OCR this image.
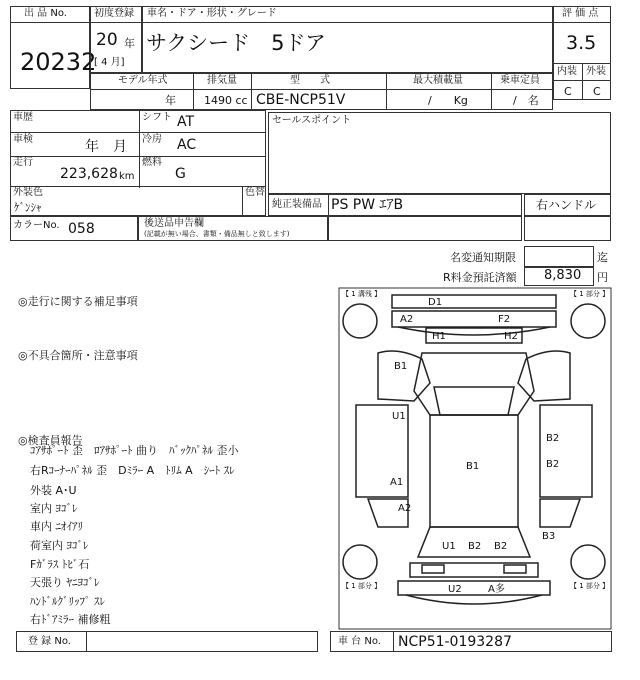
出 品 No.
20232
初度登録
20 年
[ 4 月]
車名・ドア・形状・グレード
サクシード　5ドア
評 価 点
3.5
内装 外装
C C
モデル年式	排気量	型　　式	最大積載量	乗車定員
年	1490 cc CBE-NCP51V	/　　Kg	/　名
車歴	シフト AT
車検	年　月 冷房 AC
走行
223,628 km
燃料
G
外装色
ｹﾞﾝｼｬ
色替
セールスポイント
純正装備品 PS PW ｴｱB	右ハンドル
カラーNo. 058	後送品申告欄
(記載が無い場合、書類・備品無しと致します)
名変通知期限	迄
R料金預託済額 8,830 円
◎走行に関する補足事項
◎不具合箇所・注意事項
◎検査員報告
ｺｱｻﾎﾟｰﾄ 歪　ﾛｱｻﾎﾟｰﾄ 曲り　ﾊﾞｯｸﾊﾟﾈﾙ 歪小
右Rｺｰﾅｰﾊﾟﾈﾙ 歪　Dﾐﾗｰ A　ﾄﾘﾑ A　ｼｰﾄ ｽﾚ
外装 A･U
室内 ﾖｺﾞﾚ
車内 ﾆｵｲｱﾘ
荷室内 ﾖｺﾞﾚ
Fｶﾞﾗｽ ﾄﾋﾞ石
天張り ﾔﾆﾖｺﾞﾚ
ﾊﾝﾄﾞﾙｸﾞﾘｯﾌﾟ ｽﾚ
右ﾄﾞｱﾐﾗｰ 補修粗
【 1 溝残 】	【 1 部分 】
【 1 部分 】	【 1 部分 】
D1
A2	F2
H1	H2
B1
U1
B2
B1	B2
A1
A2
B3
U1 B2 B2
U2	A多
登 録 No.	車 台 No. NCP51-0193287
